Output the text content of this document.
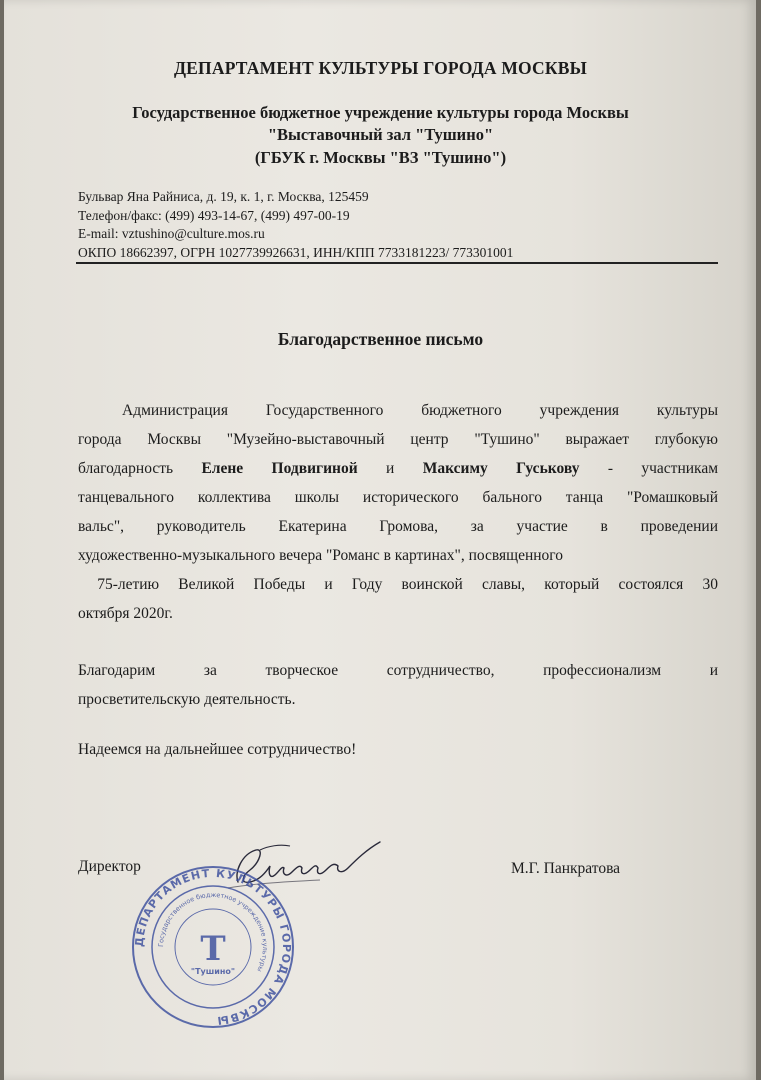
ДЕПАРТАМЕНТ КУЛЬТУРЫ ГОРОДА МОСКВЫ
Государственное бюджетное учреждение культуры города Москвы
"Выставочный зал "Тушино"
(ГБУК г. Москвы "ВЗ "Тушино")
Бульвар Яна Райниса, д. 19, к. 1, г. Москва, 125459
Телефон/факс: (499) 493-14-67, (499) 497-00-19
E-mail: vztushino@culture.mos.ru
ОКПО 18662397, ОГРН 1027739926631, ИНН/КПП 7733181223/ 773301001
Благодарственное письмо
Администрация Государственного бюджетного учреждения культуры
города Москвы "Музейно-выставочный центр "Тушино" выражает глубокую
благодарность Елене Подвигиной и Максиму Гуськову - участникам
танцевального коллектива школы исторического бального танца "Ромашковый
вальс", руководитель Екатерина Громова, за участие в проведении
художественно-музыкального вечера "Романс в картинах", посвященного
75-летию Великой Победы и Году воинской славы, который состоялся 30
октября 2020г.
Благодарим за творческое сотрудничество, профессионализм и
просветительскую деятельность.
Надеемся на дальнейшее сотрудничество!
Директор	М.Г. Панкратова
ДЕПАРТАМЕНТ КУЛЬТУРЫ ГОРОДА МОСКВЫ
Государственное бюджетное учреждение культуры
Т
"Тушино"
